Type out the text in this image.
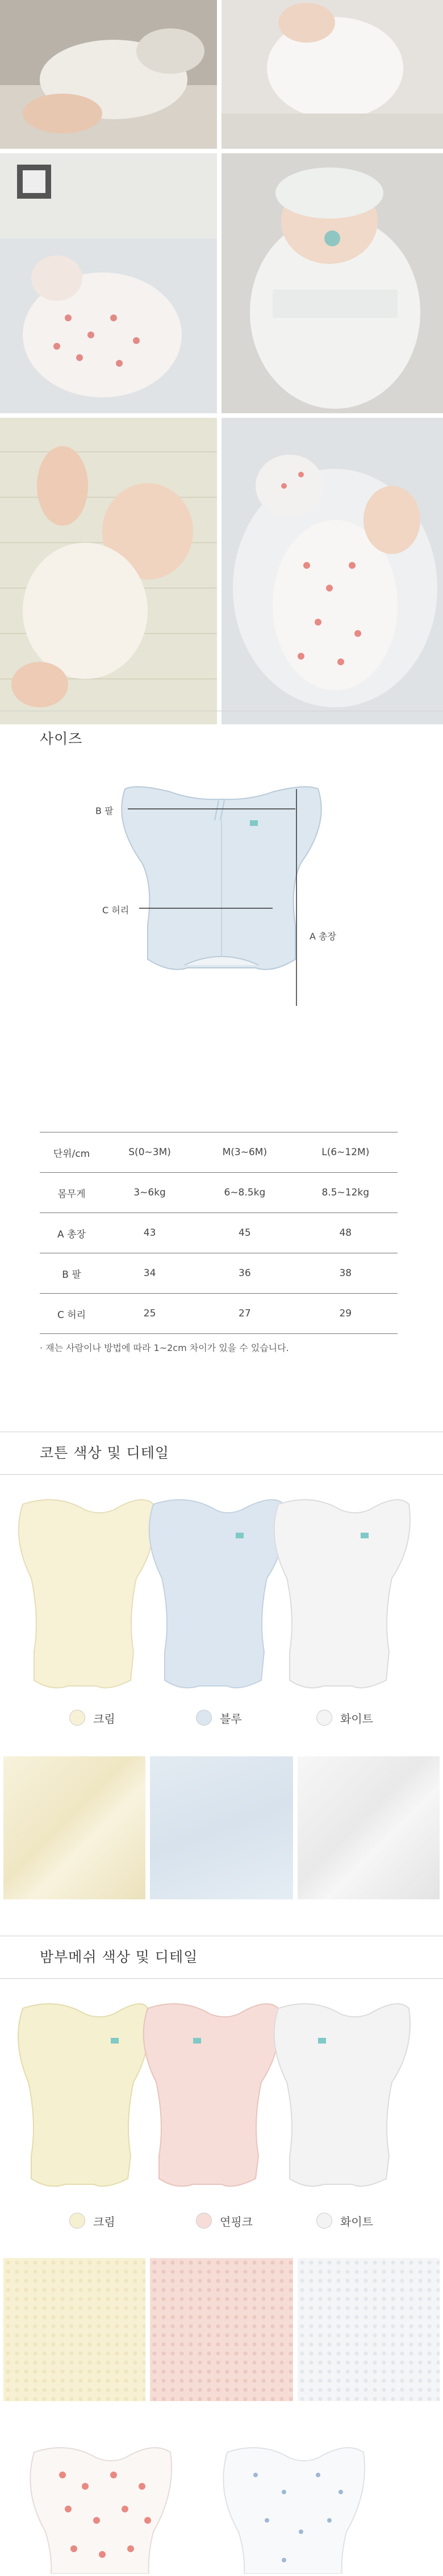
사이즈
B 팔
C 허리
A 총장
단위/cm	S(0~3M)	M(3~6M)	L(6~12M)
몸무게	3~6kg	6~8.5kg	8.5~12kg
A 총장	43	45	48
B 팔	34	36	38
C 허리	25	27	29
· 재는 사람이나 방법에 따라 1~2cm 차이가 있을 수 있습니다.
코튼 색상 및 디테일
크림	블루	화이트
밤부메쉬 색상 및 디테일
크림	연핑크	화이트
